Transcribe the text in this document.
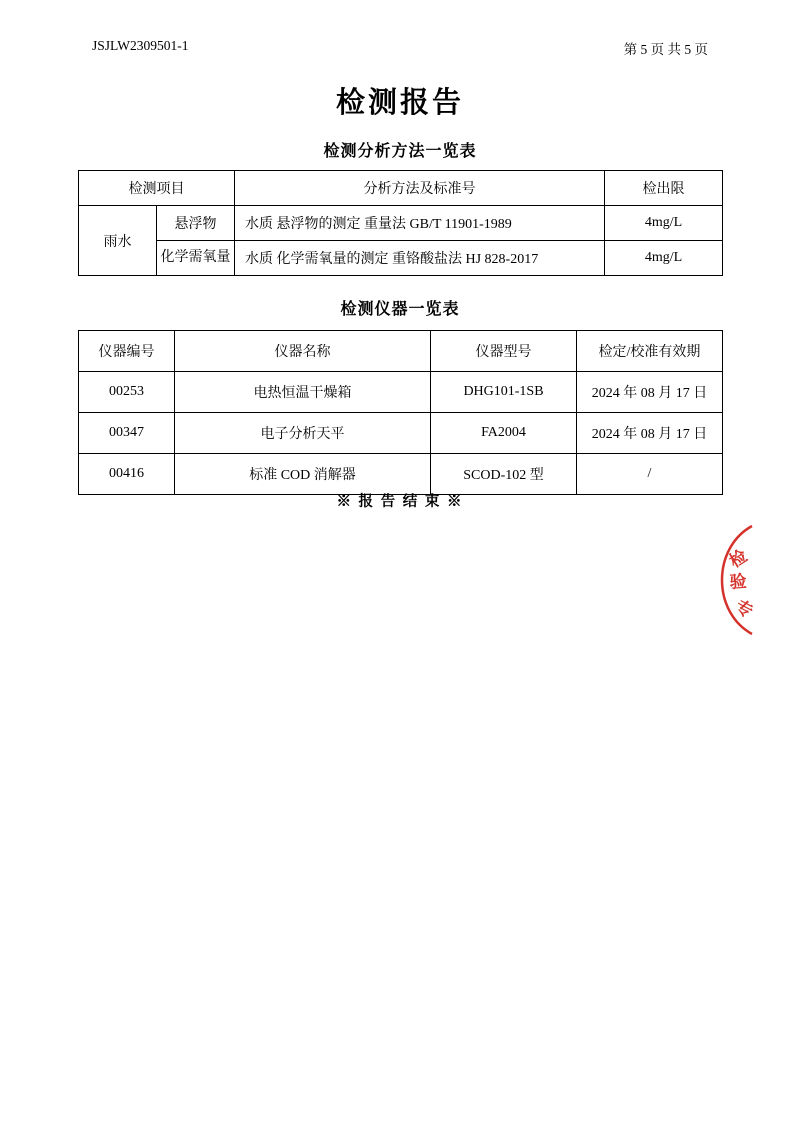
JSJLW2309501-1	第 5 页 共 5 页
检测报告
检测分析方法一览表
检测项目		分析方法及标准号	检出限
雨水	悬浮物	水质 悬浮物的测定 重量法 GB/T 11901-1989	4mg/L
	化学需氧量	水质 化学需氧量的测定 重铬酸盐法 HJ 828-2017	4mg/L
检测仪器一览表
仪器编号	仪器名称	仪器型号	检定/校准有效期
00253	电热恒温干燥箱	DHG101-1SB	2024 年 08 月 17 日
00347	电子分析天平	FA2004	2024 年 08 月 17 日
00416	标准 COD 消解器	SCOD-102 型	/
※ 报 告 结 束 ※
检
验
专
